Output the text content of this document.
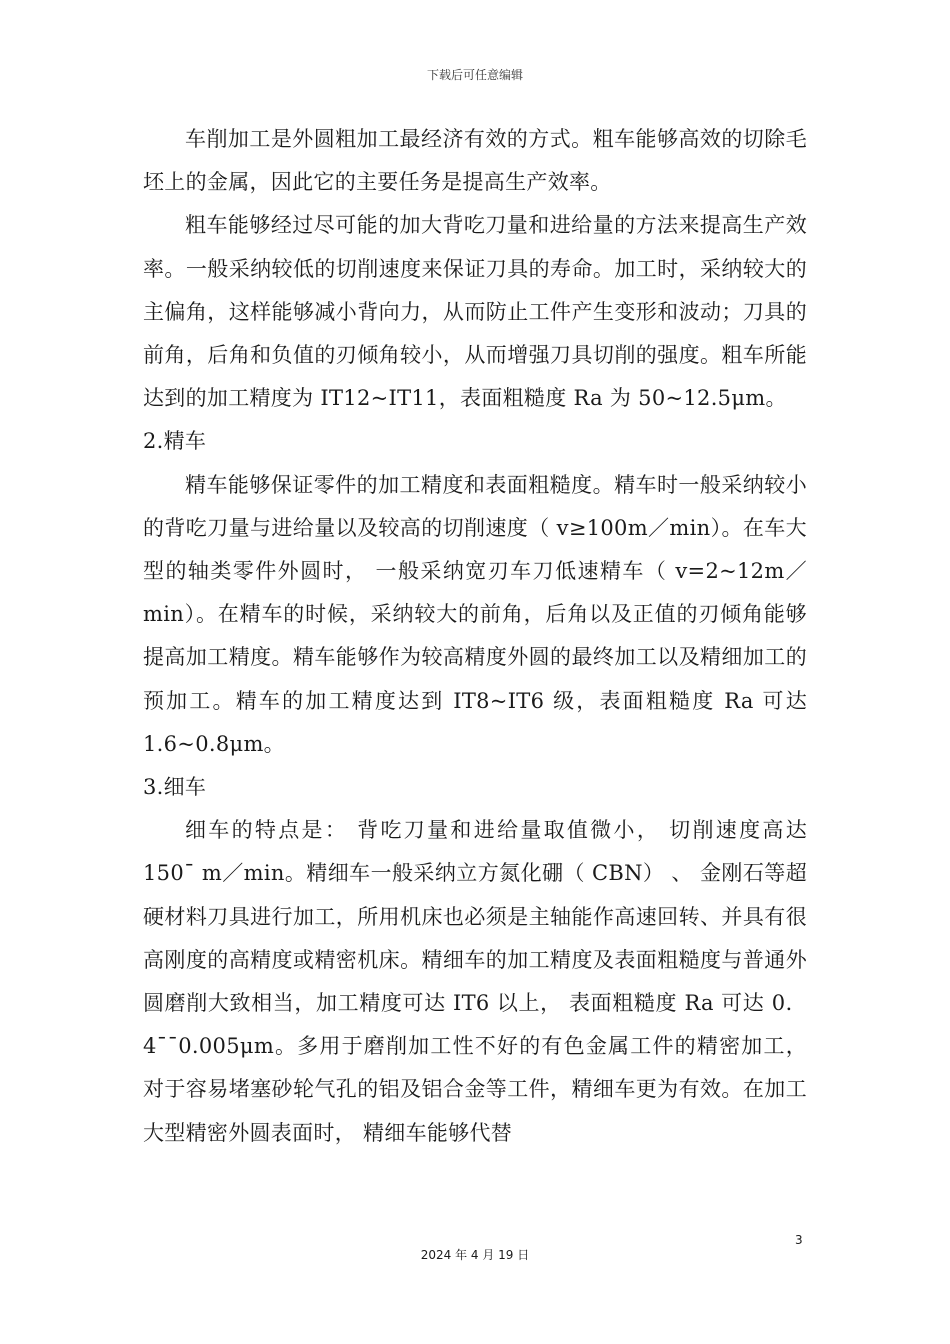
下载后可任意编辑

车削加工是外圆粗加工最经济有效的方式。粗车能够高效的切除毛坯上的金属，因此它的主要任务是提高生产效率。

粗车能够经过尽可能的加大背吃刀量和进给量的方法来提高生产效率。一般采纳较低的切削速度来保证刀具的寿命。加工时，采纳较大的主偏角，这样能够减小背向力，从而防止工件产生变形和波动；刀具的前角，后角和负值的刃倾角较小，从而增强刀具切削的强度。粗车所能达到的加工精度为 IT12~IT11，表面粗糙度 Ra 为 50~12.5μm。

2.精车

精车能够保证零件的加工精度和表面粗糙度。精车时一般采纳较小的背吃刀量与进给量以及较高的切削速度（ v≥100m／min）。在车大型的轴类零件外圆时， 一般采纳宽刃车刀低速精车（ v=2~12m／min）。在精车的时候，采纳较大的前角，后角以及正值的刃倾角能够提高加工精度。精车能够作为较高精度外圆的最终加工以及精细加工的预加工。精车的加工精度达到 IT8~IT6 级，表面粗糙度 Ra 可达 1.6~0.8μm。

3.细车

细车的特点是： 背吃刀量和进给量取值微小， 切削速度高达 150¯ m／min。精细车一般采纳立方氮化硼（ CBN） 、 金刚石等超硬材料刀具进行加工，所用机床也必须是主轴能作高速回转、并具有很高刚度的高精度或精密机床。精细车的加工精度及表面粗糙度与普通外圆磨削大致相当，加工精度可达 IT6 以上， 表面粗糙度 Ra 可达 0．4¯¯0.005μm。多用于磨削加工性不好的有色金属工件的精密加工， 对于容易堵塞砂轮气孔的铝及铝合金等工件，精细车更为有效。在加工大型精密外圆表面时， 精细车能够代替

3
2024 年 4 月 19 日
